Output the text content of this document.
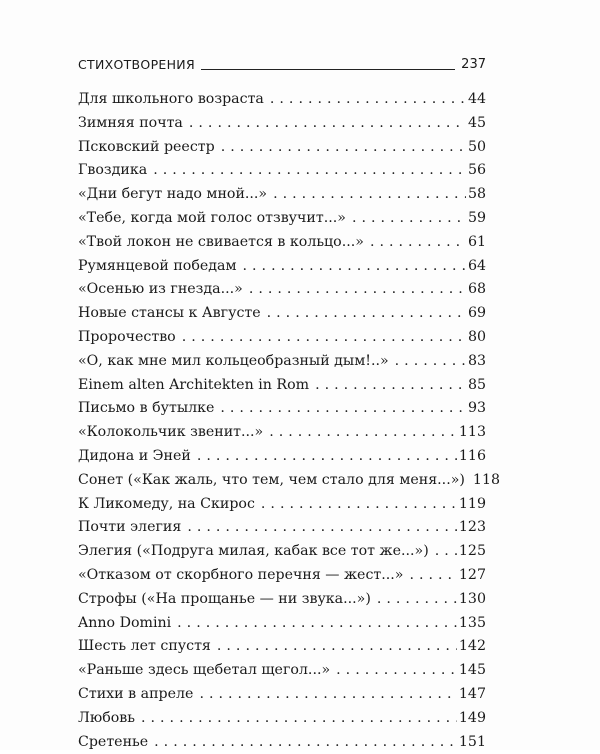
СТИХОТВОРЕНИЯ	237
Для школьного возраста . . .	44
Зимняя почта . . .	45
Псковский реестр . . .	50
Гвоздика . . .	56
«Дни бегут надо мной...» . . .	58
«Тебе, когда мой голос отзвучит...» . . .	59
«Твой локон не свивается в кольцо...» . . .	61
Румянцевой победам . . .	64
«Осенью из гнезда...» . . .	68
Новые стансы к Августе . . .	69
Пророчество . . .	80
«О, как мне мил кольцеобразный дым!..» . . .	83
Einem alten Architekten in Rom . . .	85
Письмо в бутылке . . .	93
«Колокольчик звенит...» . . .	113
Дидона и Эней . . .	116
Сонет («Как жаль, что тем, чем стало для меня...») 118
К Ликомеду, на Скирос . . .	119
Почти элегия . . .	123
Элегия («Подруга милая, кабак все тот же...») . . . 125
«Отказом от скорбного перечня — жест...» . . .	127
Строфы («На прощанье — ни звука...») . . .	130
Anno Domini . . .	135
Шесть лет спустя . . .	142
«Раньше здесь щебетал щегол...» . . .	145
Стихи в апреле . . .	147
Любовь . . .	149
Сретенье . . .	151
